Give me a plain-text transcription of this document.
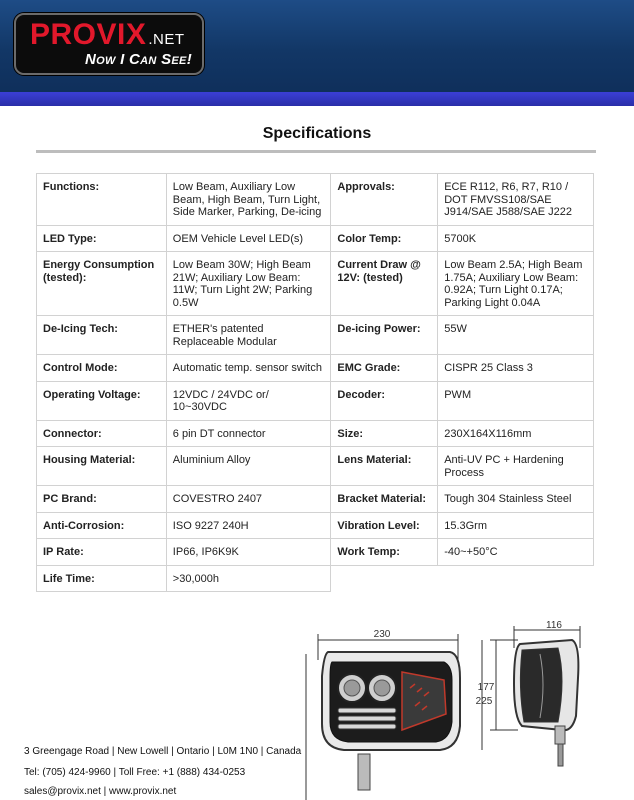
PROVIX .NET
Now I Can See!
Specifications
Functions:	Low Beam, Auxiliary Low Beam, High Beam, Turn Light, Side Marker, Parking, De-icing	Approvals:	ECE R112, R6, R7, R10 / DOT FMVSS108/SAE J914/SAE J588/SAE J222
LED Type:	OEM Vehicle Level LED(s)	Color Temp:	5700K
Energy Consumption (tested):	Low Beam 30W; High Beam 21W; Auxiliary Low Beam: 11W; Turn Light 2W; Parking 0.5W	Current Draw @ 12V: (tested)	Low Beam 2.5A; High Beam 1.75A; Auxiliary Low Beam: 0.92A; Turn Light 0.17A; Parking Light 0.04A
De-Icing Tech:	ETHER's patented Replaceable Modular	De-icing Power:	55W
Control Mode:	Automatic temp. sensor switch	EMC Grade:	CISPR 25 Class 3
Operating Voltage:	12VDC / 24VDC or/ 10~30VDC	Decoder:	PWM
Connector:	6 pin DT connector	Size:	230X164X116mm
Housing Material:	Aluminium Alloy	Lens Material:	Anti-UV PC + Hardening Process
PC Brand:	COVESTRO 2407	Bracket Material:	Tough 304 Stainless Steel
Anti-Corrosion:	ISO 9227 240H	Vibration Level:	15.3Grm
IP Rate:	IP66, IP6K9K	Work Temp:	-40~+50°C
Life Time:	>30,000h		
230
116
177
225
3 Greengage Road | New Lowell | Ontario | L0M 1N0 | Canada
Tel: (705) 424-9960 | Toll Free: +1 (888) 434-0253
sales@provix.net | www.provix.net
